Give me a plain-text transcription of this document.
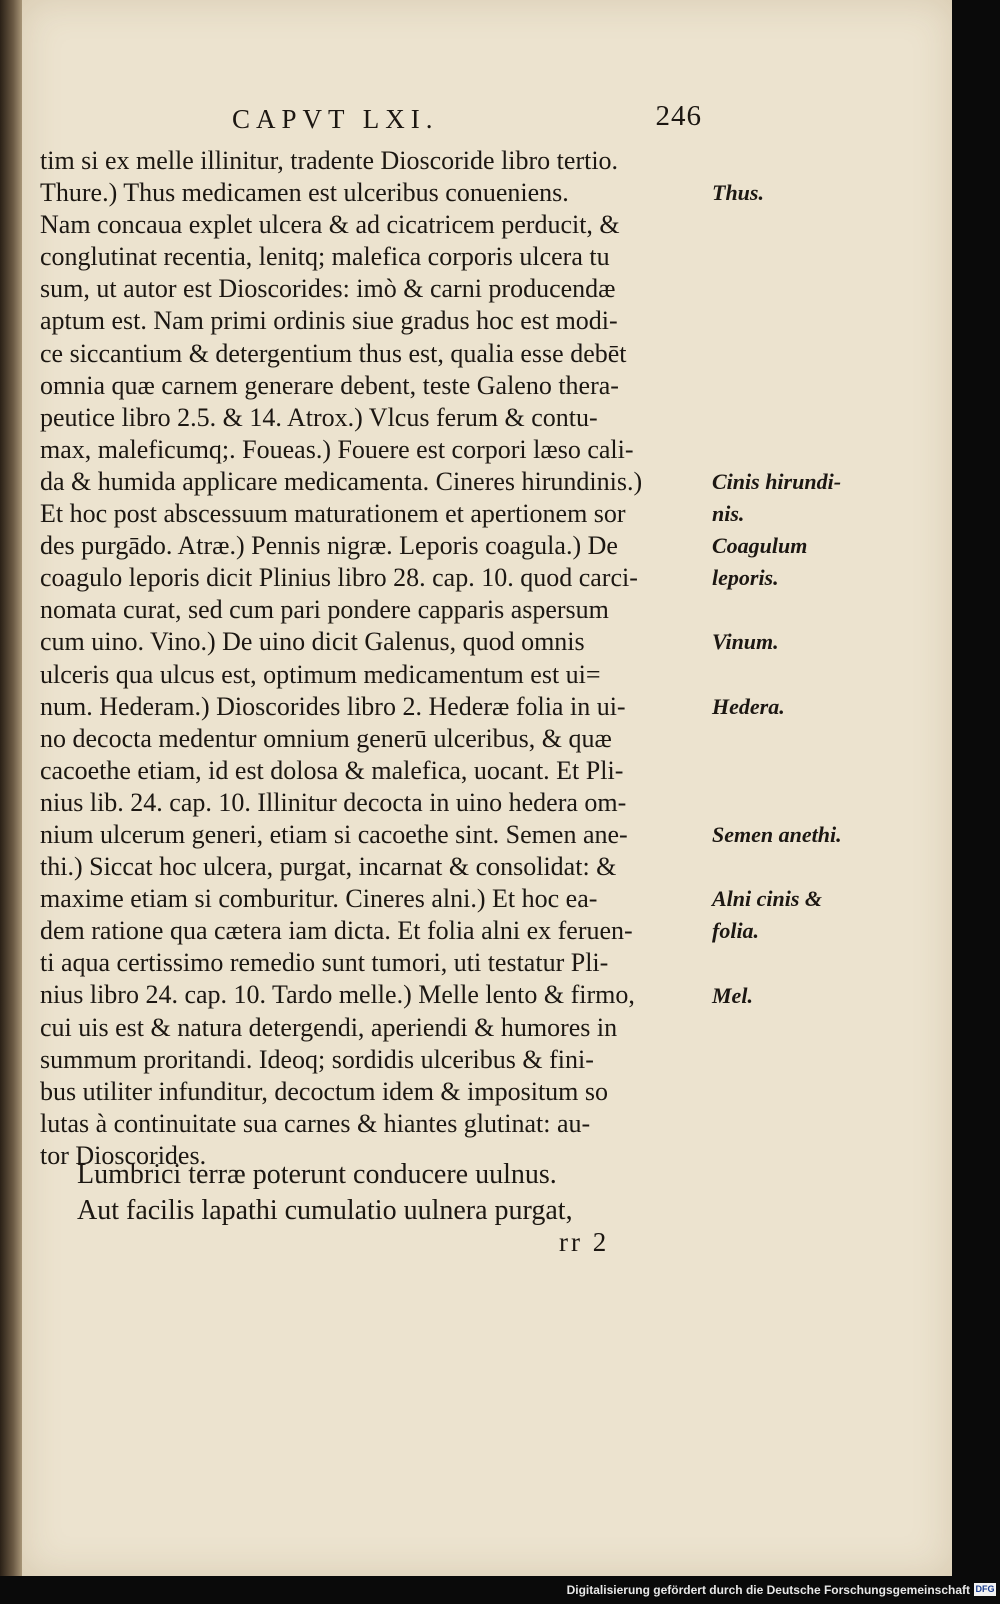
CAPVT LXI.	246
tim si ex melle illinitur, tradente Dioscoride libro tertio.
Thure.) Thus medicamen est ulceribus conueniens.
Nam concaua explet ulcera & ad cicatricem perducit, &
conglutinat recentia, lenitq; malefica corporis ulcera tu
sum, ut autor est Dioscorides: imò & carni producendæ
aptum est. Nam primi ordinis siue gradus hoc est modi-
ce siccantium & detergentium thus est, qualia esse debēt
omnia quæ carnem generare debent, teste Galeno thera-
peutice libro 2.5. & 14. Atrox.) Vlcus ferum & contu-
max, maleficumq;. Foueas.) Fouere est corpori læso cali-
da & humida applicare medicamenta. Cineres hirundinis.)
Et hoc post abscessuum maturationem et apertionem sor
des purgādo. Atræ.) Pennis nigræ. Leporis coagula.) De
coagulo leporis dicit Plinius libro 28. cap. 10. quod carci-
nomata curat, sed cum pari pondere capparis aspersum
cum uino. Vino.) De uino dicit Galenus, quod omnis
ulceris qua ulcus est, optimum medicamentum est ui=
num. Hederam.) Dioscorides libro 2. Hederæ folia in ui-
no decocta medentur omnium generū ulceribus, & quæ
cacoethe etiam, id est dolosa & malefica, uocant. Et Pli-
nius lib. 24. cap. 10. Illinitur decocta in uino hedera om-
nium ulcerum generi, etiam si cacoethe sint. Semen ane-
thi.) Siccat hoc ulcera, purgat, incarnat & consolidat: &
maxime etiam si comburitur. Cineres alni.) Et hoc ea-
dem ratione qua cætera iam dicta. Et folia alni ex feruen-
ti aqua certissimo remedio sunt tumori, uti testatur Pli-
nius libro 24. cap. 10. Tardo melle.) Melle lento & firmo,
cui uis est & natura detergendi, aperiendi & humores in
summum proritandi. Ideoq; sordidis ulceribus & fini-
bus utiliter infunditur, decoctum idem & impositum so
lutas à continuitate sua carnes & hiantes glutinat: au-
tor Dioscorides.
Thus.
Cinis hirundi-
nis.
Coagulum
leporis.
Vinum.
Hedera.
Semen anethi.
Alni cinis &
folia.
Mel.
Lumbrici terræ poterunt conducere uulnus.
Aut facilis lapathi cumulatio uulnera purgat,
rr 2
Digitalisierung gefördert durch die Deutsche Forschungsgemeinschaft DFG
